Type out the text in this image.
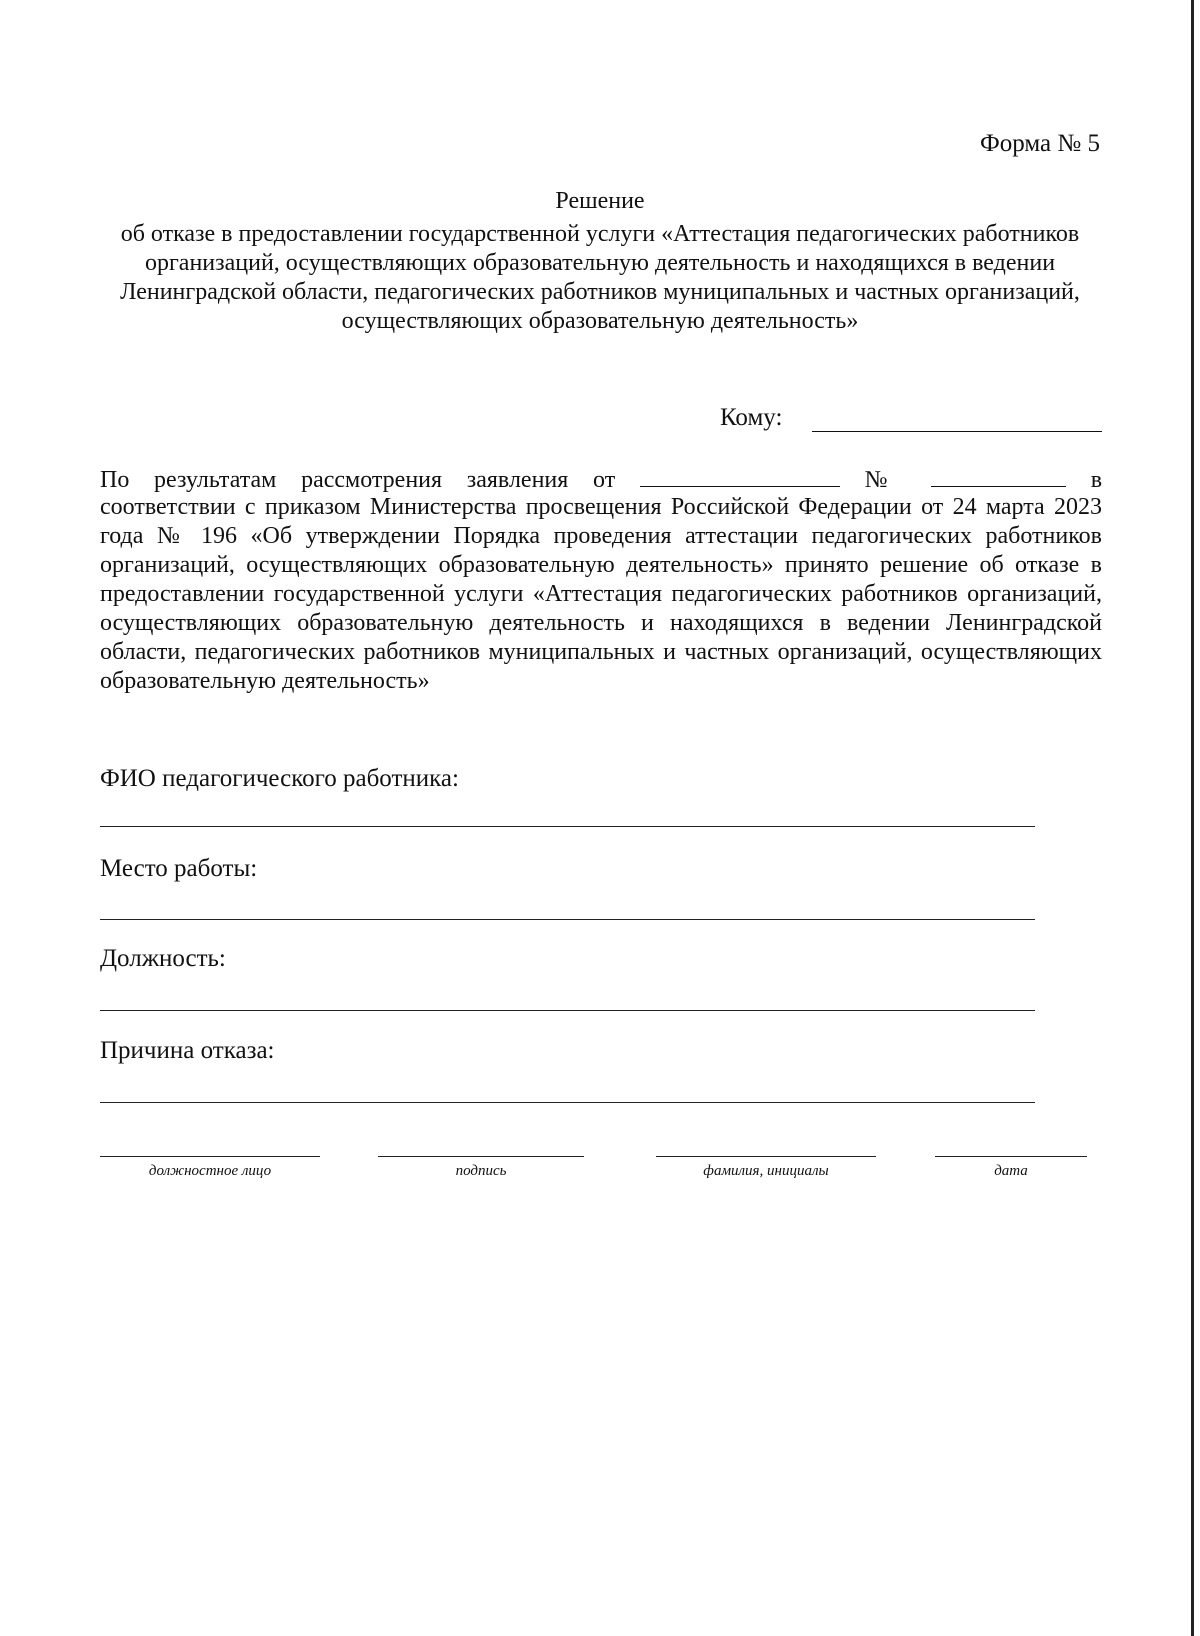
Форма № 5
Решение

об отказе в предоставлении государственной услуги «Аттестация педагогических работников организаций, осуществляющих образовательную деятельность и находящихся в ведении Ленинградской области, педагогических работников муниципальных и частных организаций, осуществляющих образовательную деятельность»

Кому:

По результатам рассмотрения заявления от	№	в

соответствии с приказом Министерства просвещения Российской Федерации от 24 марта 2023 года № 196 «Об утверждении Порядка проведения аттестации педагогических работников организаций, осуществляющих образовательную деятельность» принято решение об отказе в предоставлении государственной услуги «Аттестация педагогических работников организаций, осуществляющих образовательную деятельность и находящихся в ведении Ленинградской области, педагогических работников муниципальных и частных организаций, осуществляющих образовательную деятельность»

ФИО педагогического работника:
Место работы:
Должность:
Причина отказа:
должностное лицо	подпись	фамилия, инициалы	дата
